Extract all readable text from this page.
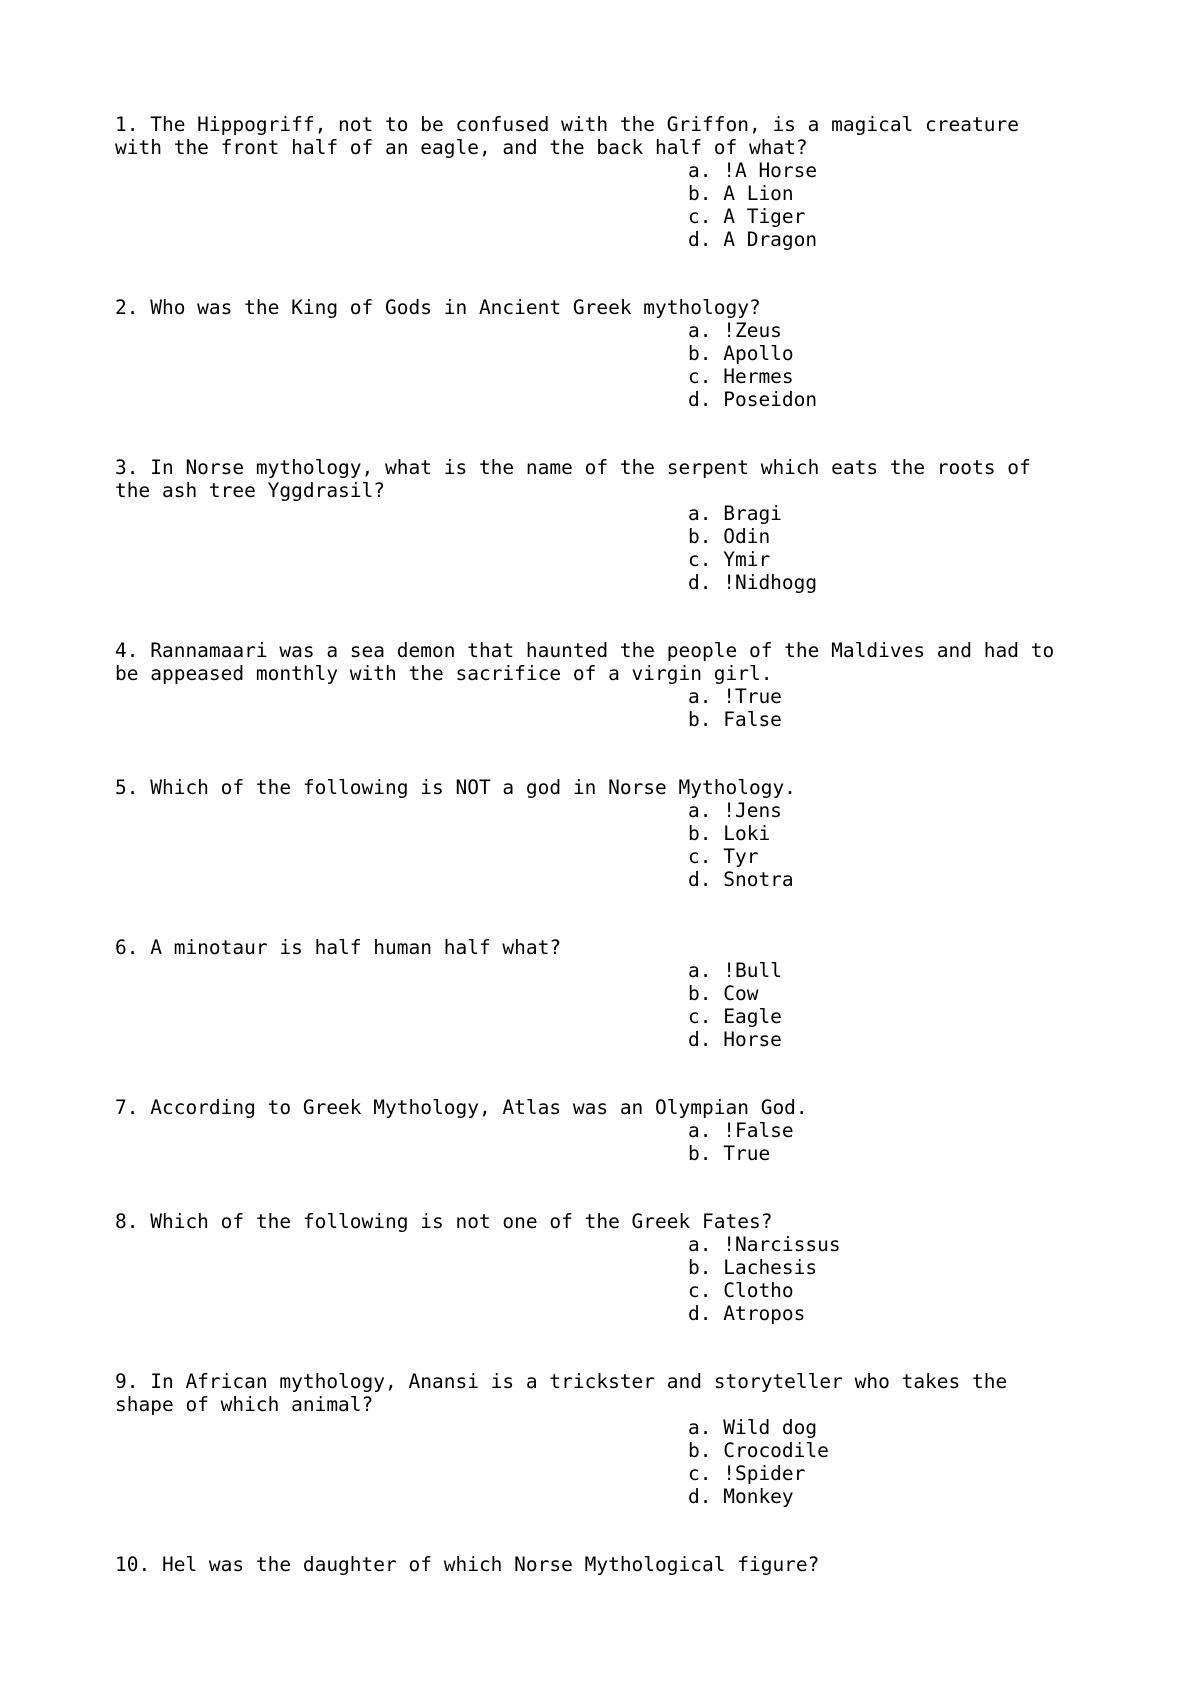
1. The Hippogriff, not to be confused with the Griffon, is a magical creature
with the front half of an eagle, and the back half of what?

a. !A Horse
b. A Lion
c. A Tiger
d. A Dragon

2. Who was the King of Gods in Ancient Greek mythology?

a. !Zeus
b. Apollo
c. Hermes
d. Poseidon

3. In Norse mythology, what is the name of the serpent which eats the roots of
the ash tree Yggdrasil?

a. Bragi
b. Odin
c. Ymir
d. !Nidhogg

4. Rannamaari was a sea demon that haunted the people of the Maldives and had to
be appeased monthly with the sacrifice of a virgin girl.

a. !True
b. False

5. Which of the following is NOT a god in Norse Mythology.

a. !Jens
b. Loki
c. Tyr
d. Snotra

6. A minotaur is half human half what?

a. !Bull
b. Cow
c. Eagle
d. Horse

7. According to Greek Mythology, Atlas was an Olympian God.

a. !False
b. True

8. Which of the following is not one of the Greek Fates?

a. !Narcissus
b. Lachesis
c. Clotho
d. Atropos

9. In African mythology, Anansi is a trickster and storyteller who takes the
shape of which animal?

a. Wild dog
b. Crocodile
c. !Spider
d. Monkey

10. Hel was the daughter of which Norse Mythological figure?
